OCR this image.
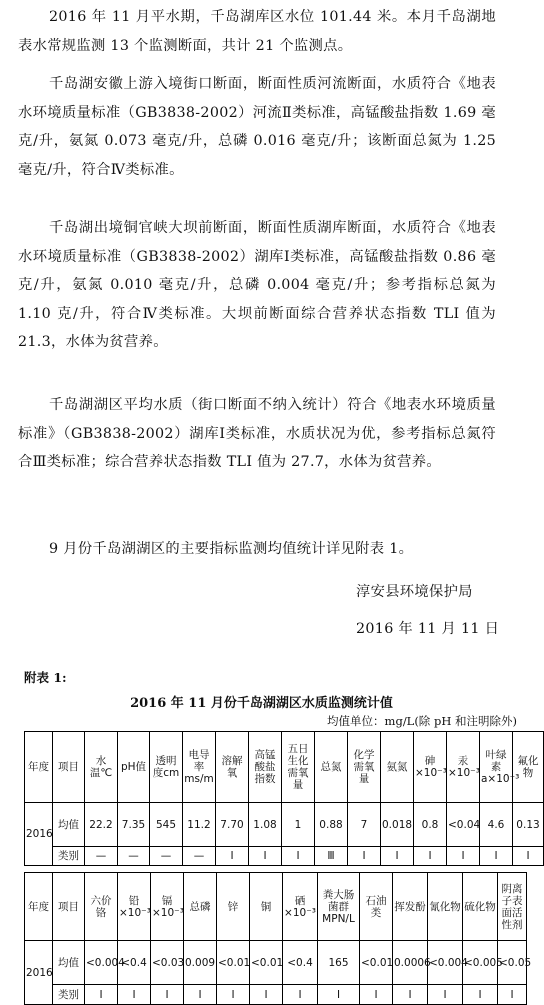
2016 年 11 月平水期，千岛湖库区水位 101.44 米。本月千岛湖地表水常规监测 13 个监测断面，共计 21 个监测点。

千岛湖安徽上游入境街口断面，断面性质河流断面，水质符合《地表水环境质量标准（GB3838-2002）河流Ⅱ类标准，高锰酸盐指数 1.69 毫克/升，氨氮 0.073 毫克/升，总磷 0.016 毫克/升；该断面总氮为 1.25 毫克/升，符合Ⅳ类标准。

千岛湖出境铜官峡大坝前断面，断面性质湖库断面，水质符合《地表水环境质量标准（GB3838-2002）湖库Ⅰ类标准，高锰酸盐指数 0.86 毫克/升，氨氮 0.010 毫克/升，总磷 0.004 毫克/升；参考指标总氮为 1.10 克/升，符合Ⅳ类标准。大坝前断面综合营养状态指数 TLI 值为 21.3，水体为贫营养。

千岛湖湖区平均水质（街口断面不纳入统计）符合《地表水环境质量标准》（GB3838-2002）湖库Ⅰ类标准，水质状况为优，参考指标总氮符合Ⅲ类标准；综合营养状态指数 TLI 值为 27.7，水体为贫营养。

9 月份千岛湖湖区的主要指标监测均值统计详见附表 1。

淳安县环境保护局
2016 年 11 月 11 日
附表 1:
2016 年 11 月份千岛湖湖区水质监测统计值
均值单位：mg/L(除 pH 和注明除外)
年度	项目	水温℃	pH值	透明度cm	电导率ms/m	溶解氧	高锰酸盐指数	五日生化需氧量	总氮	化学需氧量	氨氮	砷×10⁻³	汞×10⁻³	叶绿素a×10⁻³	氟化物
2016	均值	22.2	7.35	545	11.2	7.70	1.08	1	0.88	7	0.018	0.8	<0.04	4.6	0.13
	类别	—	—	—	—	Ⅰ	Ⅰ	Ⅰ	Ⅲ	Ⅰ	Ⅰ	Ⅰ	Ⅰ	Ⅰ	Ⅰ
年度	项目	六价铬	铅×10⁻³	镉×10⁻³	总磷	锌	铜	硒×10⁻³	粪大肠菌群MPN/L	石油类	挥发酚	氰化物	硫化物	阴离子表面活性剂
2016	均值	<0.004	<0.4	<0.03	0.009	<0.01	<0.01	<0.4	165	<0.01	0.0006	<0.004	<0.005	<0.05
	类别	Ⅰ	Ⅰ	Ⅰ	Ⅰ	Ⅰ	Ⅰ	Ⅰ	Ⅰ	Ⅰ	Ⅰ	Ⅰ	Ⅰ	Ⅰ
